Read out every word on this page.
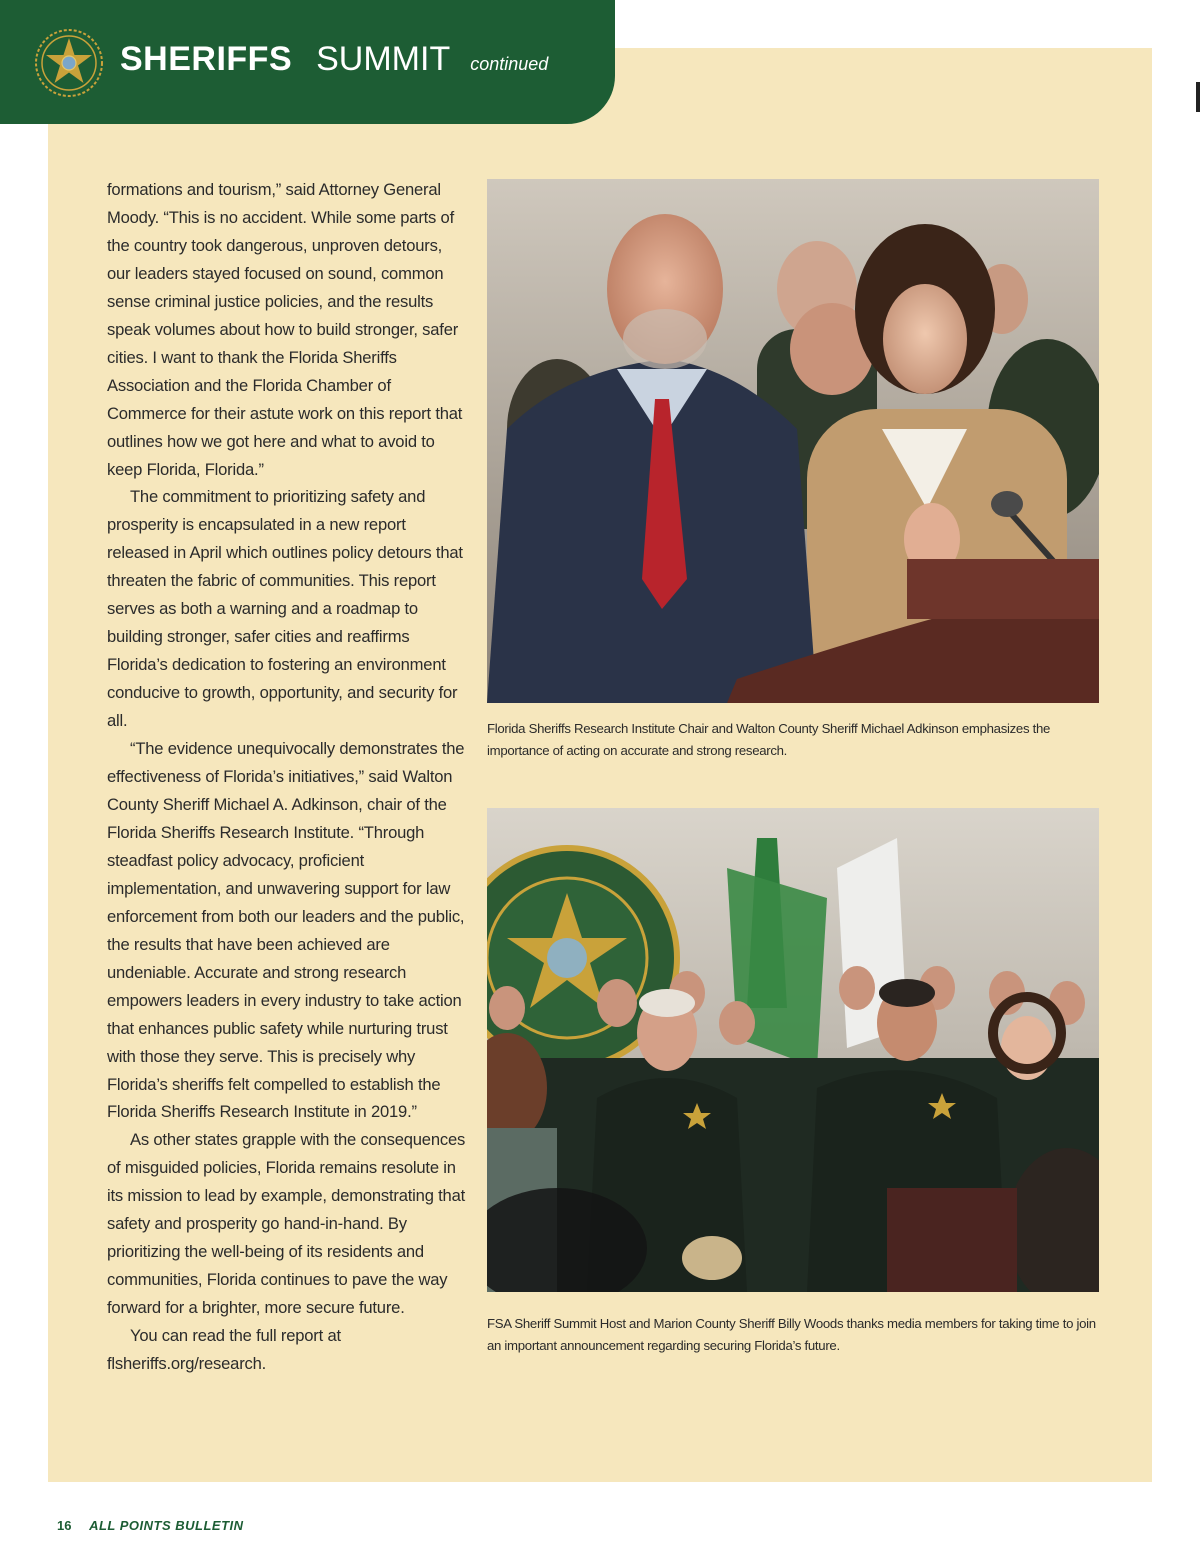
SHERIFFS SUMMIT continued

formations and tourism,” said Attorney General Moody. “This is no accident. While some parts of the country took dangerous, unproven detours, our leaders stayed focused on sound, common sense criminal justice policies, and the results speak volumes about how to build stronger, safer cities. I want to thank the Florida Sheriffs Association and the Florida Chamber of Commerce for their astute work on this report that outlines how we got here and what to avoid to keep Florida, Florida.”

The commitment to prioritizing safety and prosperity is encapsulated in a new report released in April which outlines policy detours that threaten the fabric of communities. This report serves as both a warning and a roadmap to building stronger, safer cities and reaffirms Florida’s dedication to fostering an environment conducive to growth, opportunity, and security for all.

“The evidence unequivocally demonstrates the effectiveness of Florida’s initiatives,” said Walton County Sheriff Michael A. Adkinson, chair of the Florida Sheriffs Research Institute. “Through steadfast policy advocacy, proficient implementation, and unwavering support for law enforcement from both our leaders and the public, the results that have been achieved are undeniable. Accurate and strong research empowers leaders in every industry to take action that enhances public safety while nurturing trust with those they serve. This is precisely why Florida’s sheriffs felt compelled to establish the Florida Sheriffs Research Institute in 2019.”

As other states grapple with the consequences of misguided policies, Florida remains resolute in its mission to lead by example, demonstrating that safety and prosperity go hand-in-hand. By prioritizing the well-being of its residents and communities, Florida continues to pave the way forward for a brighter, more secure future.

You can read the full report at flsheriffs.org/research.

Florida Sheriffs Research Institute Chair and Walton County Sheriff Michael Adkinson emphasizes the importance of acting on accurate and strong research.
FSA Sheriff Summit Host and Marion County Sheriff Billy Woods thanks media members for taking time to join an important announcement regarding securing Florida’s future.
16 ALL POINTS BULLETIN
